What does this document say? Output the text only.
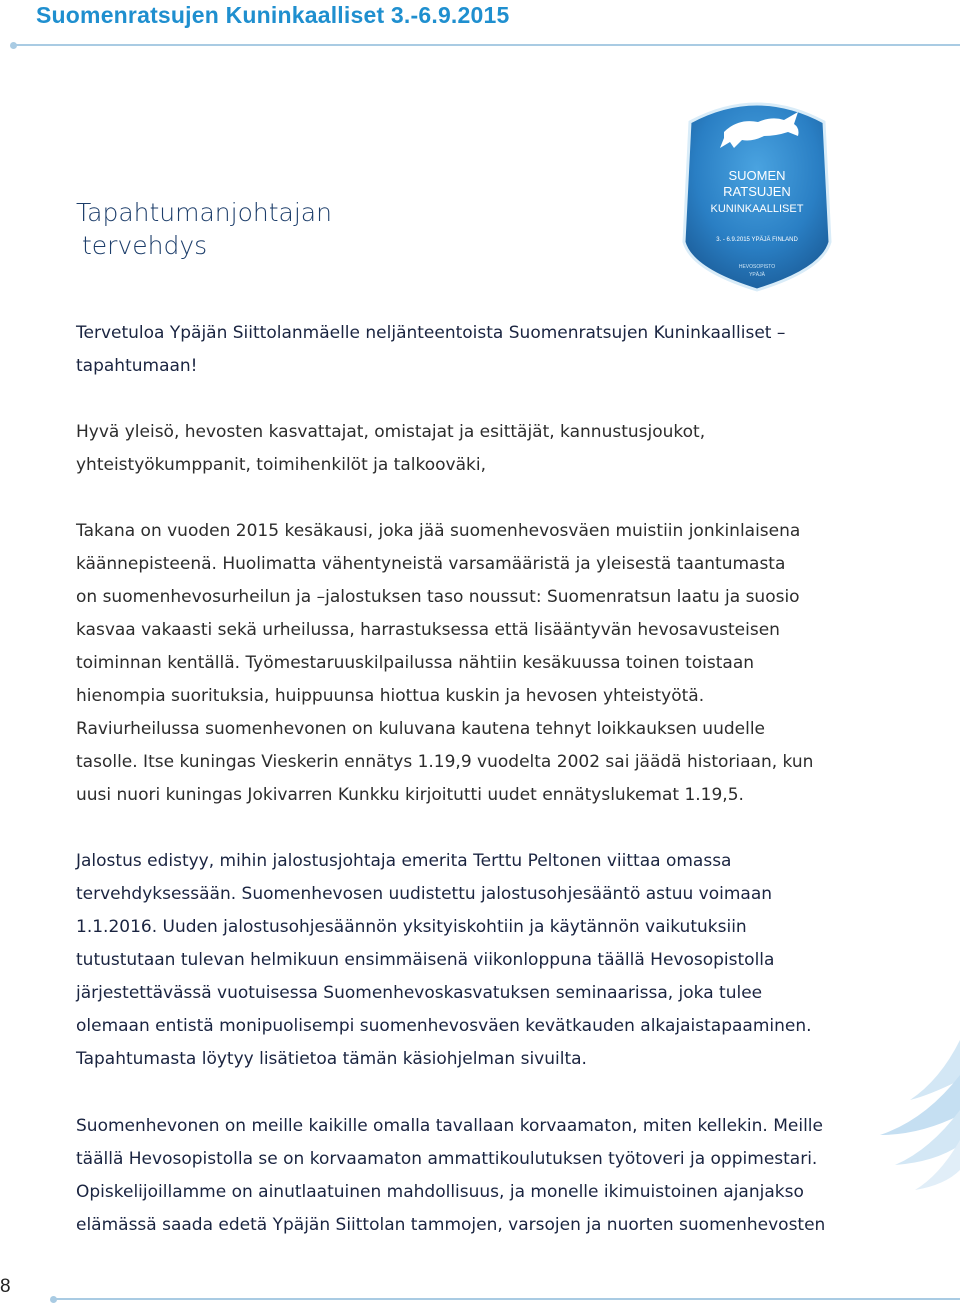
Suomenratsujen Kuninkaalliset 3.-6.9.2015
SUOMEN
RATSUJEN
KUNINKAALLISET
3. - 6.9.2015 YPÄJÄ FINLAND
HEVOSOPISTO
YPÄJÄ
Tapahtumanjohtajan
tervehdys
Tervetuloa Ypäjän Siittolanmäelle neljänteentoista Suomenratsujen Kuninkaalliset –
tapahtumaan!
Hyvä yleisö, hevosten kasvattajat, omistajat ja esittäjät, kannustusjoukot,
yhteistyökumppanit, toimihenkilöt ja talkooväki,
Takana on vuoden 2015 kesäkausi, joka jää suomenhevosväen muistiin jonkinlaisena
käännepisteenä. Huolimatta vähentyneistä varsamääristä ja yleisestä taantumasta
on suomenhevosurheilun ja –jalostuksen taso noussut: Suomenratsun laatu ja suosio
kasvaa vakaasti sekä urheilussa, harrastuksessa että lisääntyvän hevosavusteisen
toiminnan kentällä. Työmestaruuskilpailussa nähtiin kesäkuussa toinen toistaan
hienompia suorituksia, huippuunsa hiottua kuskin ja hevosen yhteistyötä.
Raviurheilussa suomenhevonen on kuluvana kautena tehnyt loikkauksen uudelle
tasolle. Itse kuningas Vieskerin ennätys 1.19,9 vuodelta 2002 sai jäädä historiaan, kun
uusi nuori kuningas Jokivarren Kunkku kirjoitutti uudet ennätyslukemat 1.19,5.
Jalostus edistyy, mihin jalostusjohtaja emerita Terttu Peltonen viittaa omassa
tervehdyksessään. Suomenhevosen uudistettu jalostusohjesääntö astuu voimaan
1.1.2016. Uuden jalostusohjesäännön yksityiskohtiin ja käytännön vaikutuksiin
tutustutaan tulevan helmikuun ensimmäisenä viikonloppuna täällä Hevosopistolla
järjestettävässä vuotuisessa Suomenhevoskasvatuksen seminaarissa, joka tulee
olemaan entistä monipuolisempi suomenhevosväen kevätkauden alkajaistapaaminen.
Tapahtumasta löytyy lisätietoa tämän käsiohjelman sivuilta.
Suomenhevonen on meille kaikille omalla tavallaan korvaamaton, miten kellekin. Meille
täällä Hevosopistolla se on korvaamaton ammattikoulutuksen työtoveri ja oppimestari.
Opiskelijoillamme on ainutlaatuinen mahdollisuus, ja monelle ikimuistoinen ajanjakso
elämässä saada edetä Ypäjän Siittolan tammojen, varsojen ja nuorten suomenhevosten
8
